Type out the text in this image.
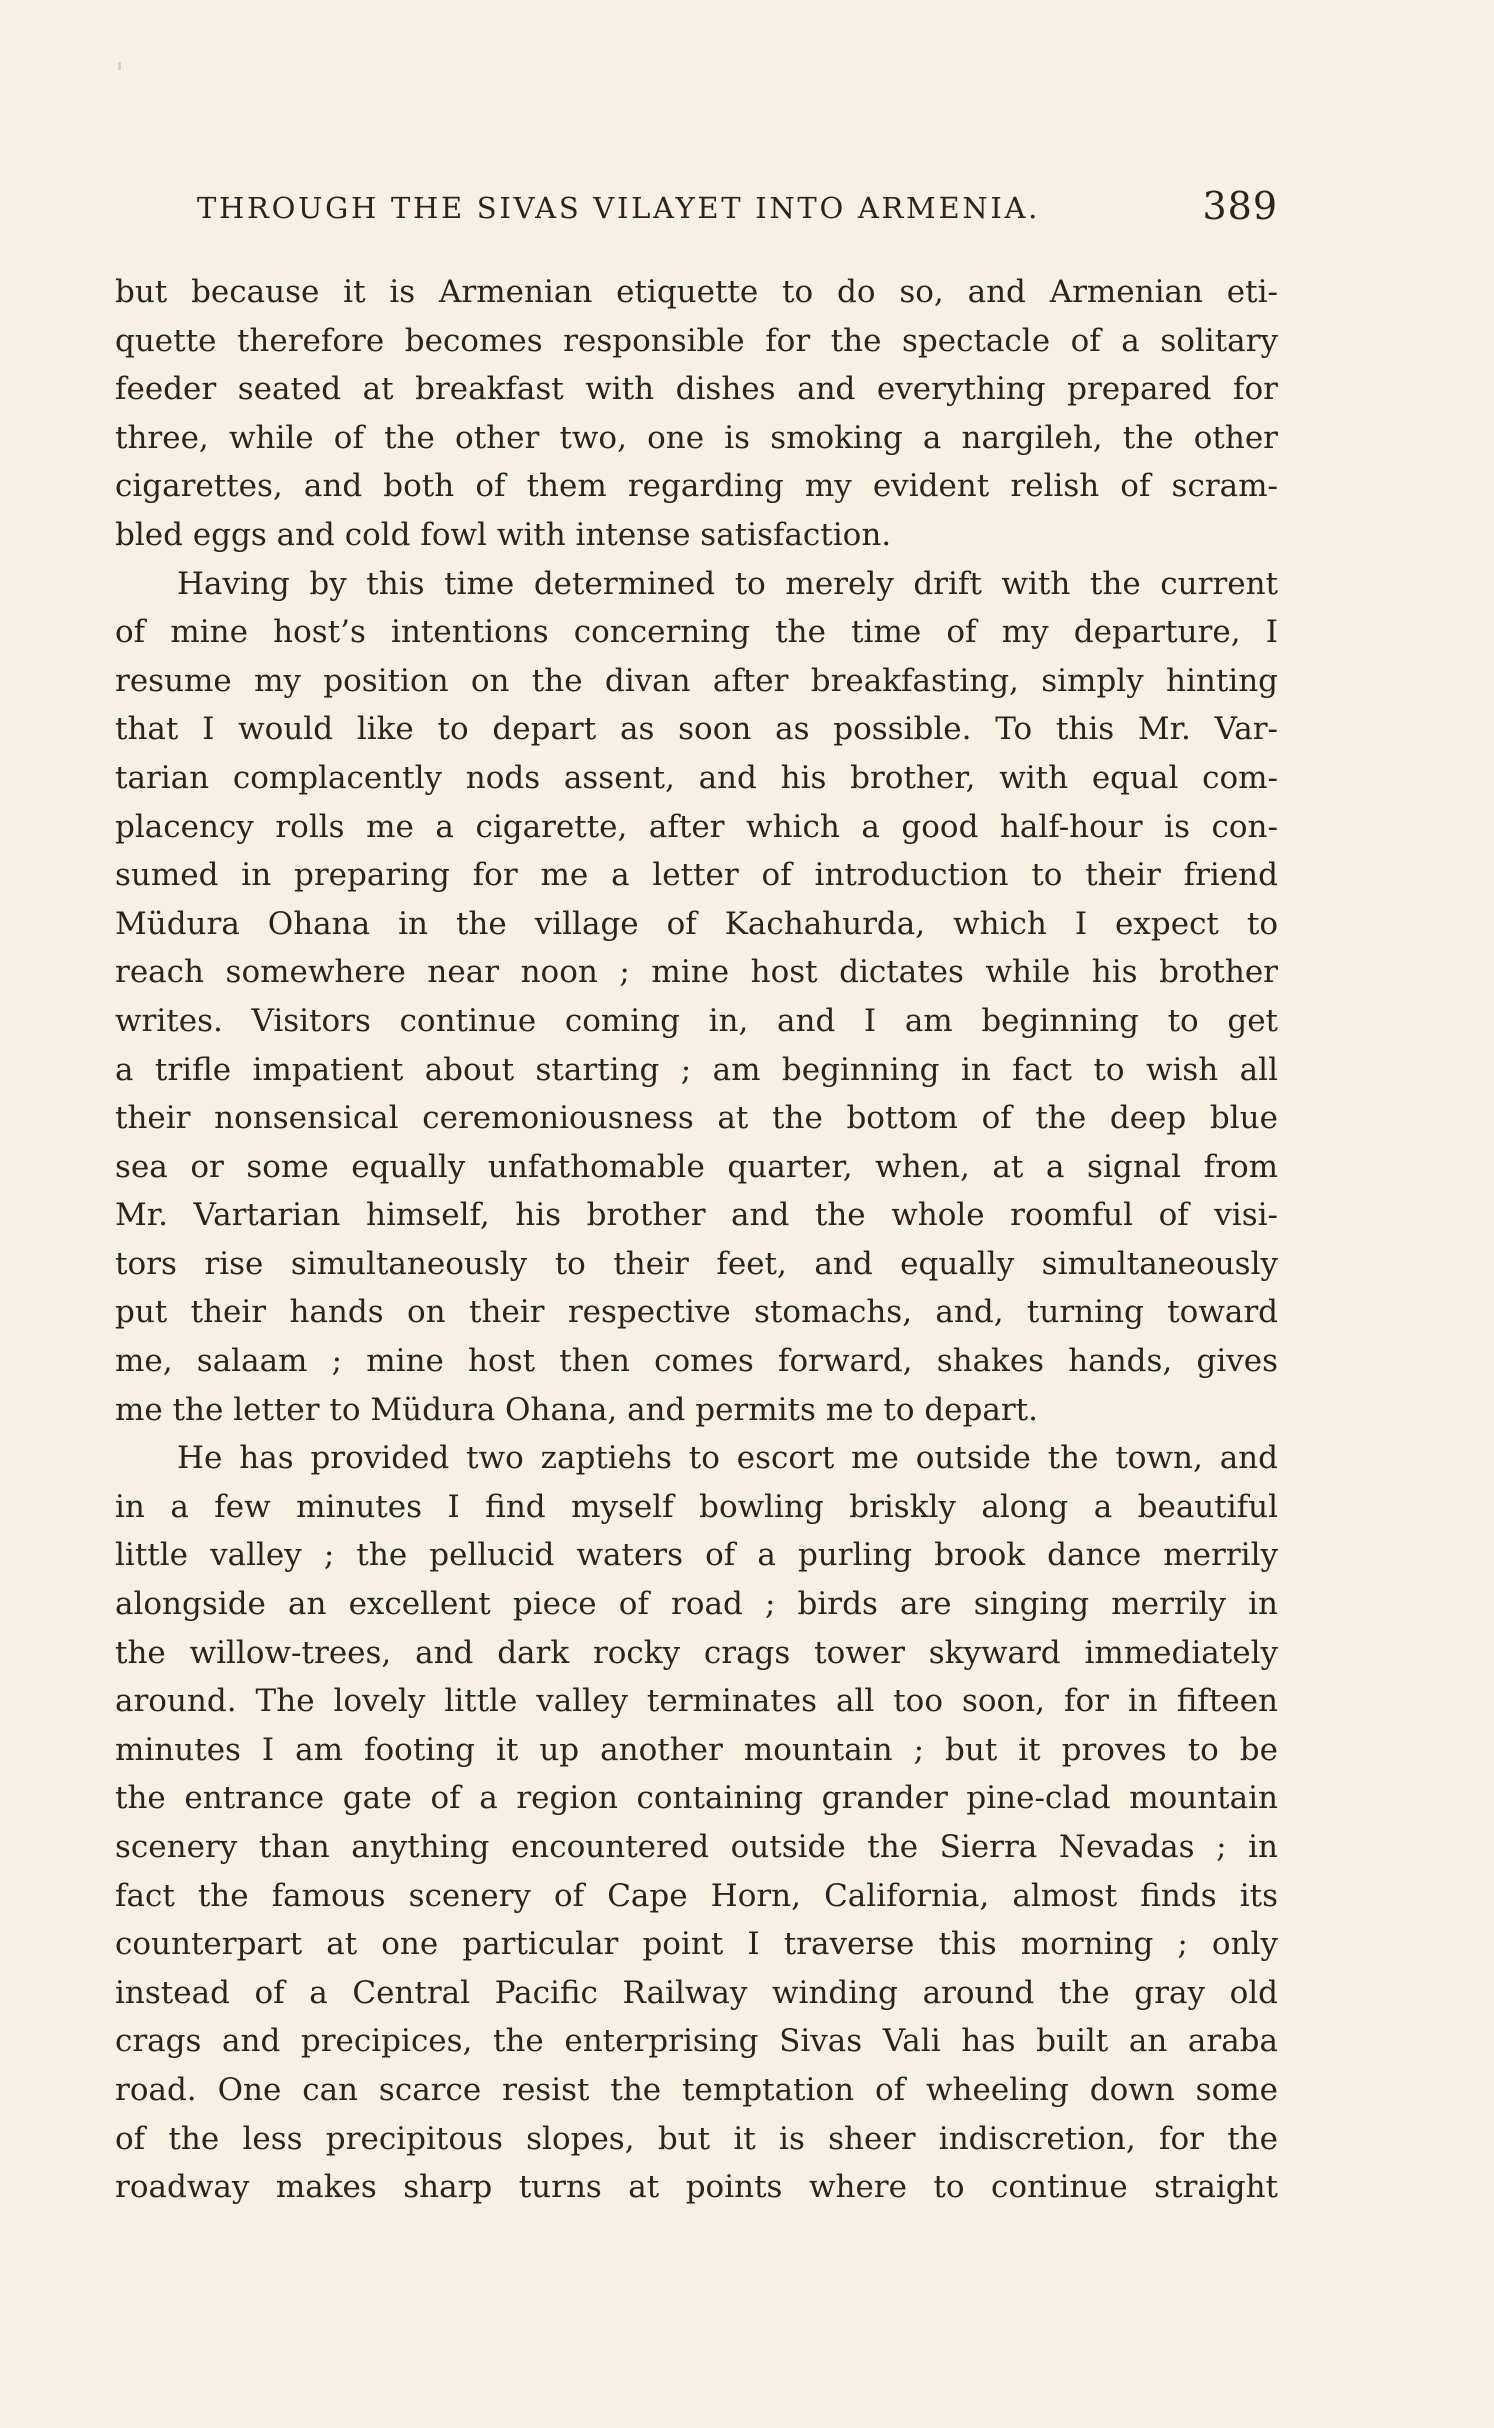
THROUGH THE SIVAS VILAYET INTO ARMENIA.	389
but because it is Armenian etiquette to do so, and Armenian eti-
quette therefore becomes responsible for the spectacle of a solitary
feeder seated at breakfast with dishes and everything prepared for
three, while of the other two, one is smoking a nargileh, the other
cigarettes, and both of them regarding my evident relish of scram-
bled eggs and cold fowl with intense satisfaction.
Having by this time determined to merely drift with the current
of mine host’s intentions concerning the time of my departure, I
resume my position on the divan after breakfasting, simply hinting
that I would like to depart as soon as possible. To this Mr. Var-
tarian complacently nods assent, and his brother, with equal com-
placency rolls me a cigarette, after which a good half-hour is con-
sumed in preparing for me a letter of introduction to their friend
Müdura Ohana in the village of Kachahurda, which I expect to
reach somewhere near noon ; mine host dictates while his brother
writes. Visitors continue coming in, and I am beginning to get
a trifle impatient about starting ; am beginning in fact to wish all
their nonsensical ceremoniousness at the bottom of the deep blue
sea or some equally unfathomable quarter, when, at a signal from
Mr. Vartarian himself, his brother and the whole roomful of visi-
tors rise simultaneously to their feet, and equally simultaneously
put their hands on their respective stomachs, and, turning toward
me, salaam ; mine host then comes forward, shakes hands, gives
me the letter to Müdura Ohana, and permits me to depart.
He has provided two zaptiehs to escort me outside the town, and
in a few minutes I find myself bowling briskly along a beautiful
little valley ; the pellucid waters of a purling brook dance merrily
alongside an excellent piece of road ; birds are singing merrily in
the willow-trees, and dark rocky crags tower skyward immediately
around. The lovely little valley terminates all too soon, for in fifteen
minutes I am footing it up another mountain ; but it proves to be
the entrance gate of a region containing grander pine-clad mountain
scenery than anything encountered outside the Sierra Nevadas ; in
fact the famous scenery of Cape Horn, California, almost finds its
counterpart at one particular point I traverse this morning ; only
instead of a Central Pacific Railway winding around the gray old
crags and precipices, the enterprising Sivas Vali has built an araba
road. One can scarce resist the temptation of wheeling down some
of the less precipitous slopes, but it is sheer indiscretion, for the
roadway makes sharp turns at points where to continue straight
